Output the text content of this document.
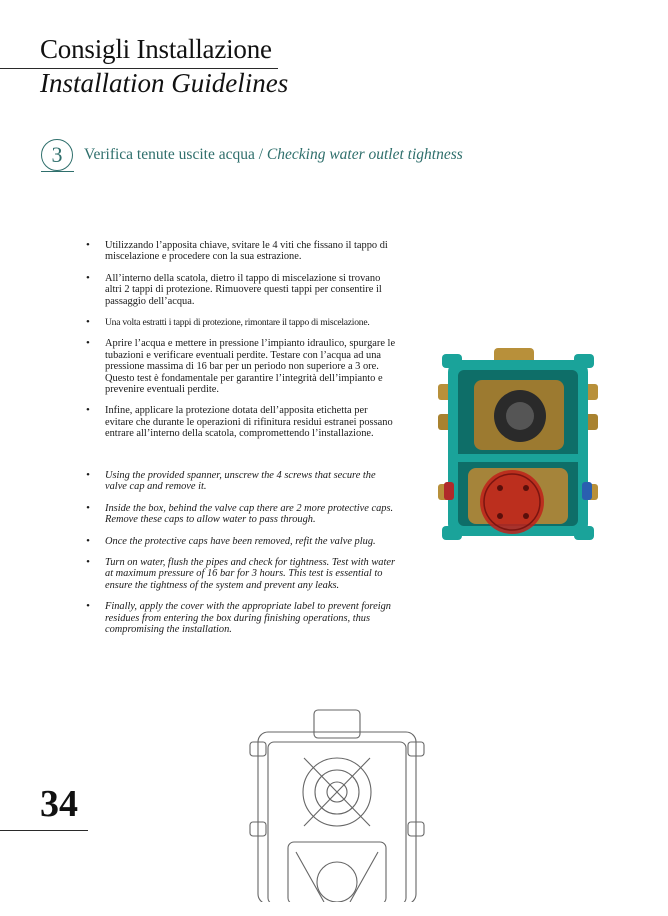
Consigli Installazione
Installation Guidelines
3 Verifica tenute uscite acqua / Checking water outlet tightness
• Utilizzando l’apposita chiave, svitare le 4 viti che fissano il tappo di miscelazione e procedere con la sua estrazione.
• All’interno della scatola, dietro il tappo di miscelazione si trovano altri 2 tappi di protezione. Rimuovere questi tappi per consentire il passaggio dell’acqua.
• Una volta estratti i tappi di protezione, rimontare il tappo di miscelazione.
• Aprire l’acqua e mettere in pressione l’impianto idraulico, spurgare le tubazioni e verificare eventuali perdite. Testare con l’acqua ad una pressione massima di 16 bar per un periodo non superiore a 3 ore. Questo test è fondamentale per garantire l’integrità dell’impianto e prevenire eventuali perdite.
• Infine, applicare la protezione dotata dell’apposita etichetta per evitare che durante le operazioni di rifinitura residui estranei possano entrare all’interno della scatola, compromettendo l’installazione.
• Using the provided spanner, unscrew the 4 screws that secure the valve cap and remove it.
• Inside the box, behind the valve cap there are 2 more protective caps. Remove these caps to allow water to pass through.
• Once the protective caps have been removed, refit the valve plug.
• Turn on water, flush the pipes and check for tightness. Test with water at maximum pressure of 16 bar for 3 hours. This test is essential to ensure the tightness of the system and prevent any leaks.
• Finally, apply the cover with the appropriate label to prevent foreign residues from entering the box during finishing operations, thus compromising the installation.
34
